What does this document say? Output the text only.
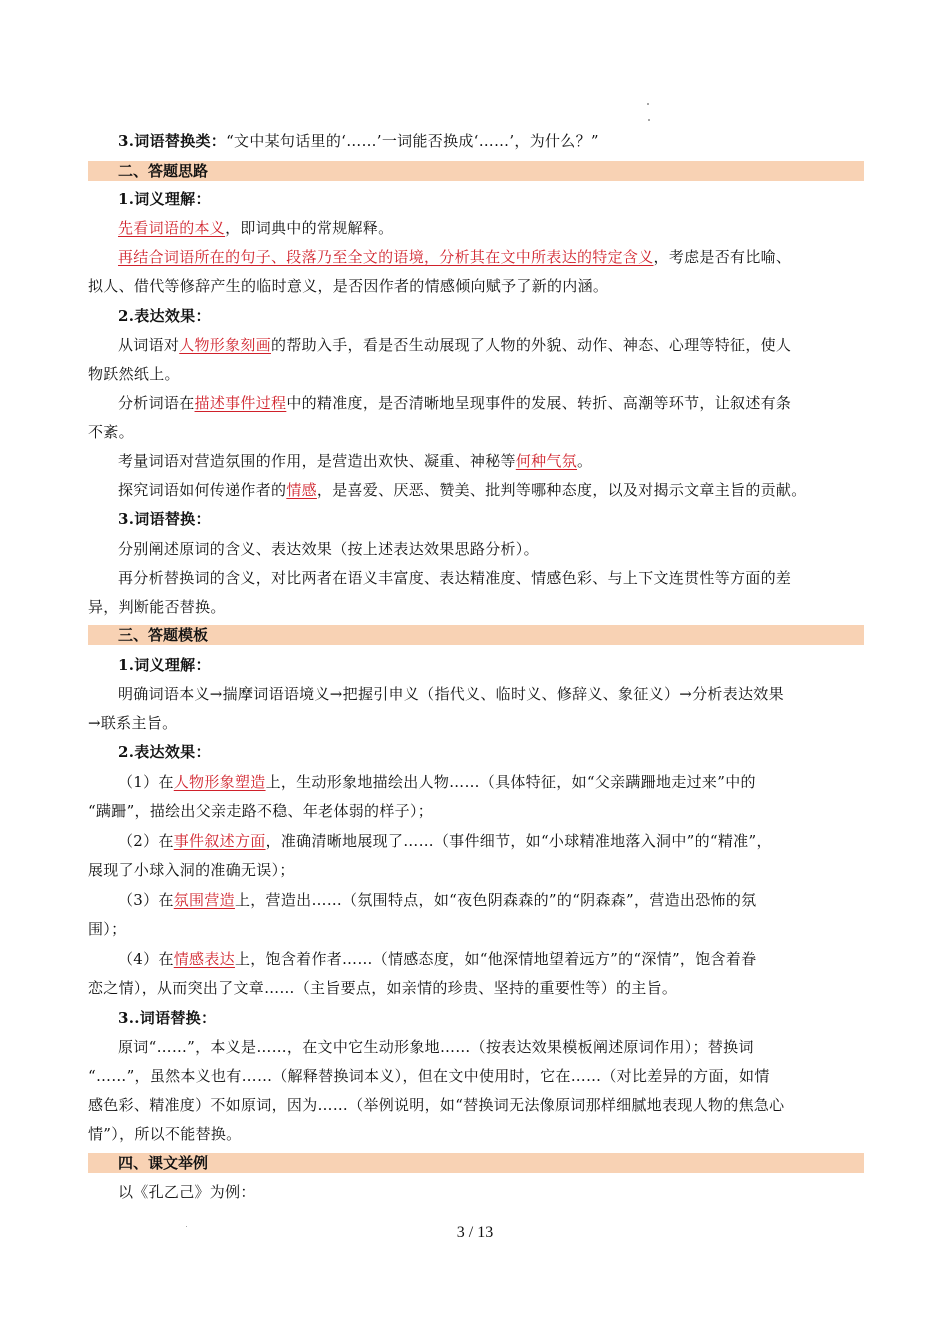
3.词语替换类：“文中某句话里的‘……’一词能否换成‘……’，为什么？”
二、答题思路
1.词义理解：
先看词语的本义，即词典中的常规解释。
再结合词语所在的句子、段落乃至全文的语境，分析其在文中所表达的特定含义，考虑是否有比喻、
拟人、借代等修辞产生的临时意义，是否因作者的情感倾向赋予了新的内涵。
2.表达效果：
从词语对人物形象刻画的帮助入手，看是否生动展现了人物的外貌、动作、神态、心理等特征，使人
物跃然纸上。
分析词语在描述事件过程中的精准度，是否清晰地呈现事件的发展、转折、高潮等环节，让叙述有条
不紊。
考量词语对营造氛围的作用，是营造出欢快、凝重、神秘等何种气氛。
探究词语如何传递作者的情感，是喜爱、厌恶、赞美、批判等哪种态度，以及对揭示文章主旨的贡献。
3.词语替换：
分别阐述原词的含义、表达效果（按上述表达效果思路分析）。
再分析替换词的含义，对比两者在语义丰富度、表达精准度、情感色彩、与上下文连贯性等方面的差
异，判断能否替换。
三、答题模板
1.词义理解：
明确词语本义→揣摩词语语境义→把握引申义（指代义、临时义、修辞义、象征义）→分析表达效果
→联系主旨。
2.表达效果：
（1）在人物形象塑造上，生动形象地描绘出人物……（具体特征，如“父亲蹒跚地走过来”中的
“蹒跚”，描绘出父亲走路不稳、年老体弱的样子）；
（2）在事件叙述方面，准确清晰地展现了……（事件细节，如“小球精准地落入洞中”的“精准”，
展现了小球入洞的准确无误）；
（3）在氛围营造上，营造出……（氛围特点，如“夜色阴森森的”的“阴森森”，营造出恐怖的氛
围）；
（4）在情感表达上，饱含着作者……（情感态度，如“他深情地望着远方”的“深情”，饱含着眷
恋之情），从而突出了文章……（主旨要点，如亲情的珍贵、坚持的重要性等）的主旨。
3..词语替换：
原词“……”，本义是……，在文中它生动形象地……（按表达效果模板阐述原词作用）；替换词
“……”，虽然本义也有……（解释替换词本义），但在文中使用时，它在……（对比差异的方面，如情
感色彩、精准度）不如原词，因为……（举例说明，如“替换词无法像原词那样细腻地表现人物的焦急心
情”），所以不能替换。
四、课文举例
以《孔乙己》为例：
3 / 13
